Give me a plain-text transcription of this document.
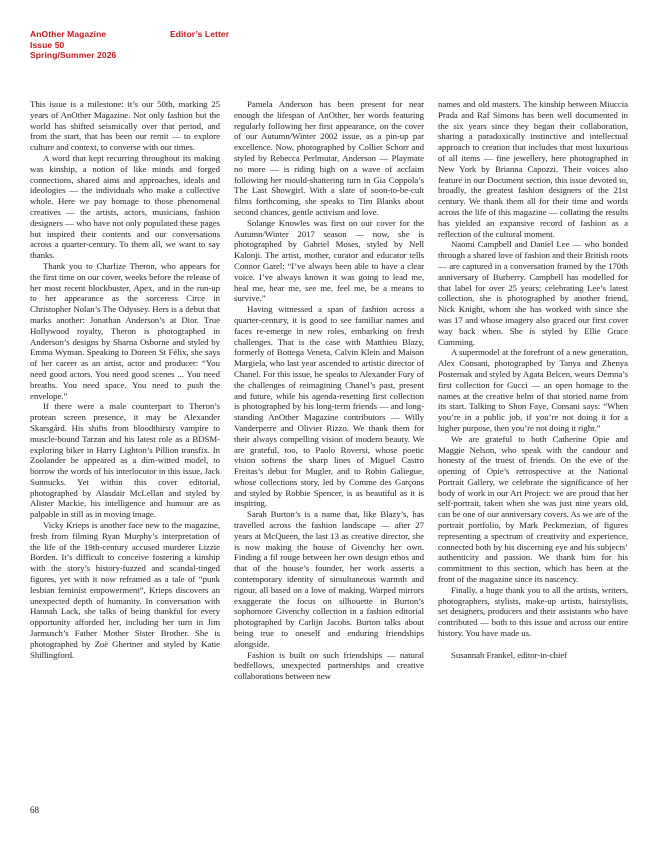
AnOther Magazine
Issue 50
Spring/Summer 2026
Editor’s Letter

This issue is a milestone: it’s our 50th, marking 25 years of AnOther Magazine. Not only fashion but the world has shifted seismically over that period, and from the start, that has been our remit — to explore culture and context, to converse with our times.

A word that kept recurring throughout its making was kinship, a notion of like minds and forged connections, shared aims and approaches, ideals and ideologies — the individuals who make a collective whole. Here we pay homage to those phenomenal creatives — the artists, actors, musicians, fashion designers — who have not only populated these pages but inspired their contents and our conversations across a quarter-century. To them all, we want to say thanks.

Thank you to Charlize Theron, who appears for the first time on our cover, weeks before the release of her most recent blockbuster, Apex, and in the run-up to her appearance as the sorceress Circe in Christopher Nolan’s The Odyssey. Hers is a debut that marks another: Jonathan Anderson’s at Dior. True Hollywood royalty, Theron is photographed in Anderson’s designs by Sharna Osborne and styled by Emma Wyman. Speaking to Doreen St Félix, she says of her career as an artist, actor and producer: “You need good actors. You need good scenes ... You need breaths. You need space. You need to push the envelope.”

If there were a male counterpart to Theron’s protean screen presence, it may be Alexander Skarsgård. His shifts from bloodthirsty vampire to muscle-bound Tarzan and his latest role as a BDSM-exploring biker in Harry Lighton’s Pillion transfix. In Zoolander he appeared as a dim-witted model, to borrow the words of his interlocutor in this issue, Jack Sunnucks. Yet within this cover editorial, photographed by Alasdair McLellan and styled by Alister Mackie, his intelligence and humour are as palpable in still as in moving image.

Vicky Krieps is another face new to the magazine, fresh from filming Ryan Murphy’s interpretation of the life of the 19th-century accused murderer Lizzie Borden. It’s difficult to conceive fostering a kinship with the story’s history-fuzzed and scandal-tinged figures, yet with it now reframed as a tale of “punk lesbian feminist empowerment”, Krieps discovers an unexpected depth of humanity. In conversation with Hannah Lack, she talks of being thankful for every opportunity afforded her, including her turn in Jim Jarmusch’s Father Mother Sister Brother. She is photographed by Zoë Ghertner and styled by Katie Shillingford.

Pamela Anderson has been present for near enough the lifespan of AnOther, her words featuring regularly following her first appearance, on the cover of our Autumn/Winter 2002 issue, as a pin-up par excellence. Now, photographed by Collier Schorr and styled by Rebecca Perlmutar, Anderson — Playmate no more — is riding high on a wave of acclaim following her mould-shattering turn in Gia Coppola’s The Last Showgirl. With a slate of soon-to-be-cult films forthcoming, she speaks to Tim Blanks about second chances, gentle activism and love.

Solange Knowles was first on our cover for the Autumn/Winter 2017 season — now, she is photographed by Gabriel Moses, styled by Nell Kalonji. The artist, mother, curator and educator tells Connor Garel: “I’ve always been able to have a clear voice. I’ve always known it was going to lead me, heal me, hear me, see me, feel me, be a means to survive.”

Having witnessed a span of fashion across a quarter-century, it is good to see familiar names and faces re-emerge in new roles, embarking on fresh challenges. That is the case with Matthieu Blazy, formerly of Bottega Veneta, Calvin Klein and Maison Margiela, who last year ascended to artistic director of Chanel. For this issue, he speaks to Alexander Fury of the challenges of reimagining Chanel’s past, present and future, while his agenda-resetting first collection is photographed by his long-term friends — and long-standing AnOther Magazine contributors — Willy Vanderperre and Olivier Rizzo. We thank them for their always compelling vision of modern beauty. We are grateful, too, to Paolo Roversi, whose poetic vision softens the sharp lines of Miguel Castro Freitas’s debut for Mugler, and to Robin Galiegue, whose collections story, led by Comme des Garçons and styled by Robbie Spencer, is as beautiful as it is inspiring.

Sarah Burton’s is a name that, like Blazy’s, has travelled across the fashion landscape — after 27 years at McQueen, the last 13 as creative director, she is now making the house of Givenchy her own. Finding a fil rouge between her own design ethos and that of the house’s founder, her work asserts a contemporary identity of simultaneous warmth and rigour, all based on a love of making. Warped mirrors exaggerate the focus on silhouette in Burton’s sophomore Givenchy collection in a fashion editorial photographed by Carlijn Jacobs. Burton talks about being true to oneself and enduring friendships alongside.

Fashion is built on such friendships — natural bedfellows, unexpected partnerships and creative collaborations between new

names and old masters. The kinship between Miuccia Prada and Raf Simons has been well documented in the six years since they began their collaboration, sharing a paradoxically instinctive and intellectual approach to creation that includes that most luxurious of all items — fine jewellery, here photographed in New York by Brianna Capozzi. Their voices also feature in our Document section, this issue devoted to, broadly, the greatest fashion designers of the 21st century. We thank them all for their time and words across the life of this magazine — collating the results has yielded an expansive record of fashion as a reflection of the cultural moment.

Naomi Campbell and Daniel Lee — who bonded through a shared love of fashion and their British roots — are captured in a conversation framed by the 170th anniversary of Burberry. Campbell has modelled for that label for over 25 years; celebrating Lee’s latest collection, she is photographed by another friend, Nick Knight, whom she has worked with since she was 17 and whose imagery also graced our first cover way back when. She is styled by Ellie Grace Cumming.

A supermodel at the forefront of a new generation, Alex Consani, photographed by Tanya and Zhenya Posternak and styled by Agata Belcen, wears Demna’s first collection for Gucci — an open homage to the names at the creative helm of that storied name from its start. Talking to Shon Faye, Consani says: “When you’re in a public job, if you’re not doing it for a higher purpose, then you’re not doing it right.”

We are grateful to both Catherine Opie and Maggie Nelson, who speak with the candour and honesty of the truest of friends. On the eve of the opening of Opie’s retrospective at the National Portrait Gallery, we celebrate the significance of her body of work in our Art Project: we are proud that her self-portrait, taken when she was just nine years old, can be one of our anniversary covers. As we are of the portrait portfolio, by Mark Peckmezian, of figures representing a spectrum of creativity and experience, connected both by his discerning eye and his subjects’ authenticity and passion. We thank him for his commitment to this section, which has been at the front of the magazine since its nascency.

Finally, a huge thank you to all the artists, writers, photographers, stylists, make-up artists, hairstylists, set designers, producers and their assistants who have contributed — both to this issue and across our entire history. You have made us.

Susannah Frankel, editor-in-chief

68
